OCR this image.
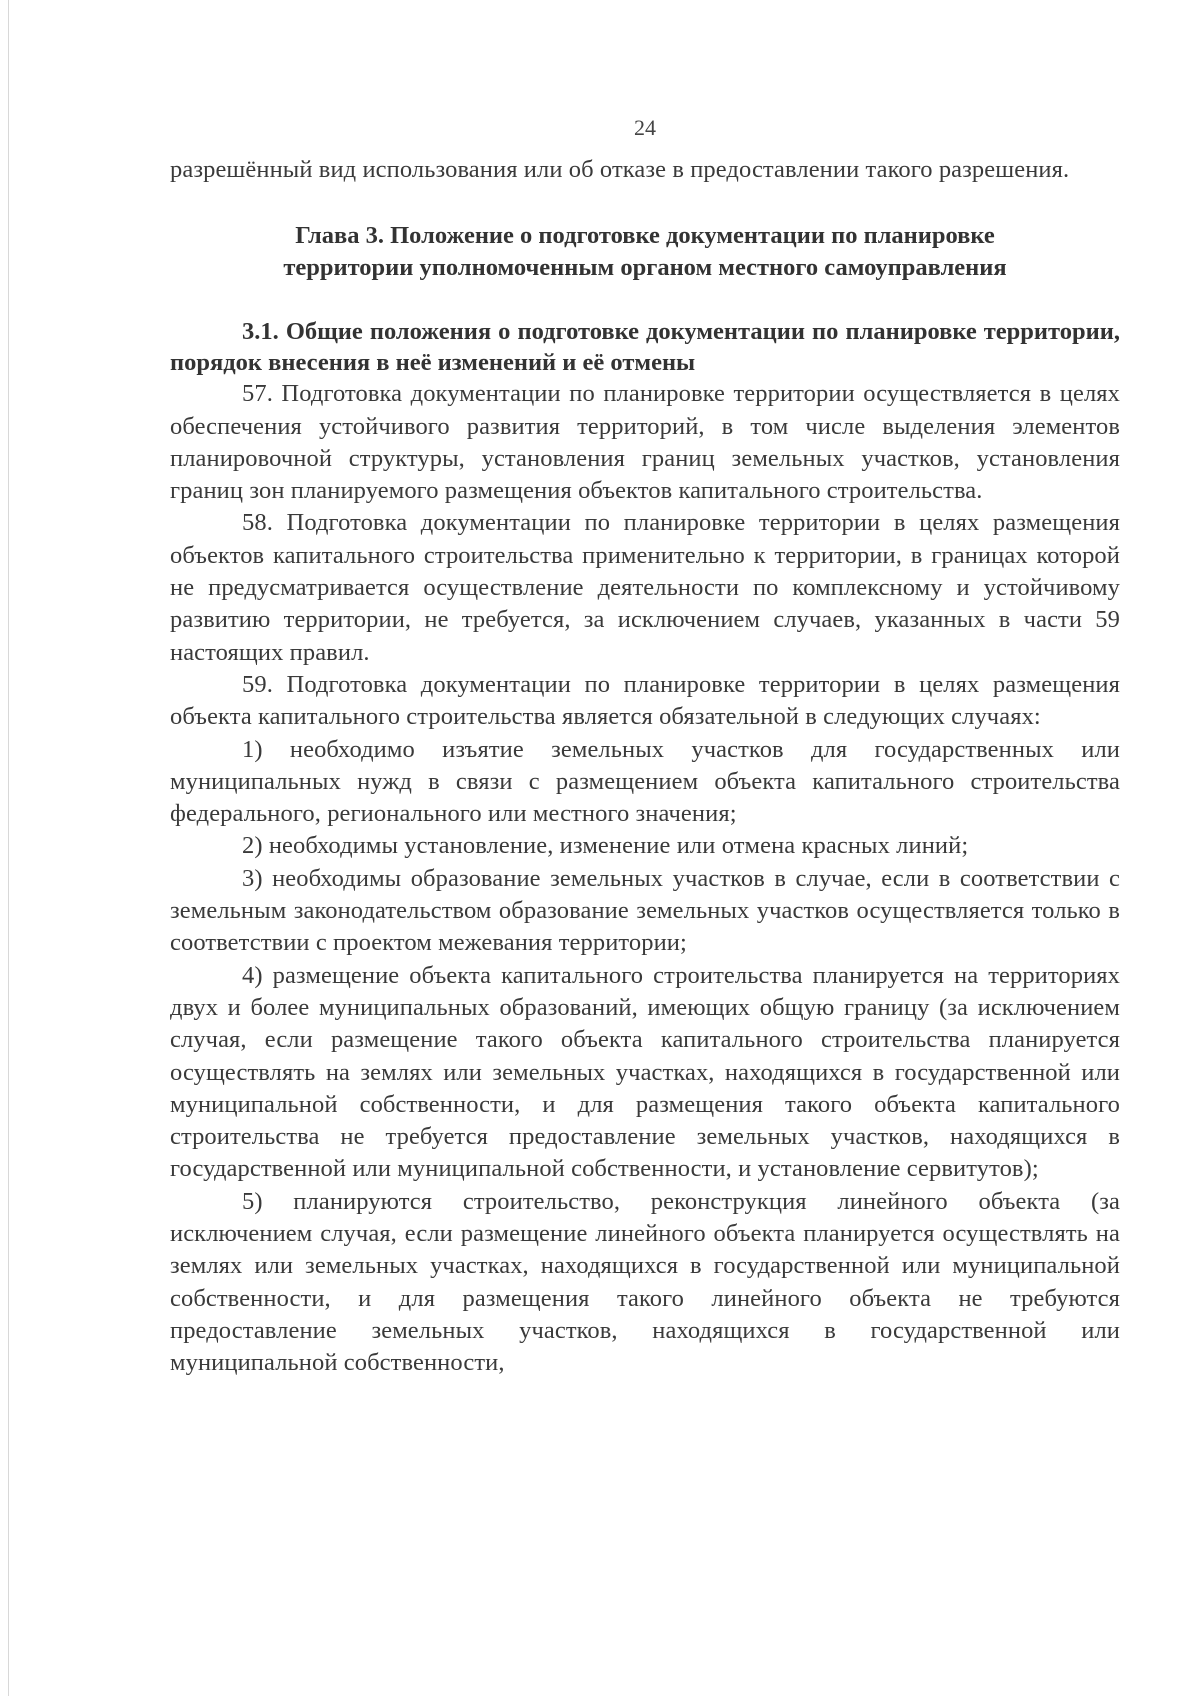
24

разрешённый вид использования или об отказе в предоставлении такого разрешения.

Глава 3. Положение о подготовке документации по планировке
территории уполномоченным органом местного самоуправления

3.1. Общие положения о подготовке документации по планировке территории, порядок внесения в неё изменений и её отмены

57. Подготовка документации по планировке территории осуществляется в целях обеспечения устойчивого развития территорий, в том числе выделения элементов планировочной структуры, установления границ земельных участков, установления границ зон планируемого размещения объектов капитального строительства.

58. Подготовка документации по планировке территории в целях размещения объектов капитального строительства применительно к территории, в границах которой не предусматривается осуществление деятельности по комплексному и устойчивому развитию территории, не требуется, за исключением случаев, указанных в части 59 настоящих правил.

59. Подготовка документации по планировке территории в целях размещения объекта капитального строительства является обязательной в следующих случаях:

1) необходимо изъятие земельных участков для государственных или муниципальных нужд в связи с размещением объекта капитального строительства федерального, регионального или местного значения;

2) необходимы установление, изменение или отмена красных линий;

3) необходимы образование земельных участков в случае, если в соответствии с земельным законодательством образование земельных участков осуществляется только в соответствии с проектом межевания территории;

4) размещение объекта капитального строительства планируется на территориях двух и более муниципальных образований, имеющих общую границу (за исключением случая, если размещение такого объекта капитального строительства планируется осуществлять на землях или земельных участках, находящихся в государственной или муниципальной собственности, и для размещения такого объекта капитального строительства не требуется предоставление земельных участков, находящихся в государственной или муниципальной собственности, и установление сервитутов);

5) планируются строительство, реконструкция линейного объекта (за исключением случая, если размещение линейного объекта планируется осуществлять на землях или земельных участках, находящихся в государственной или муниципальной собственности, и для размещения такого линейного объекта не требуются предоставление земельных участков, находящихся в государственной или муниципальной собственности,
